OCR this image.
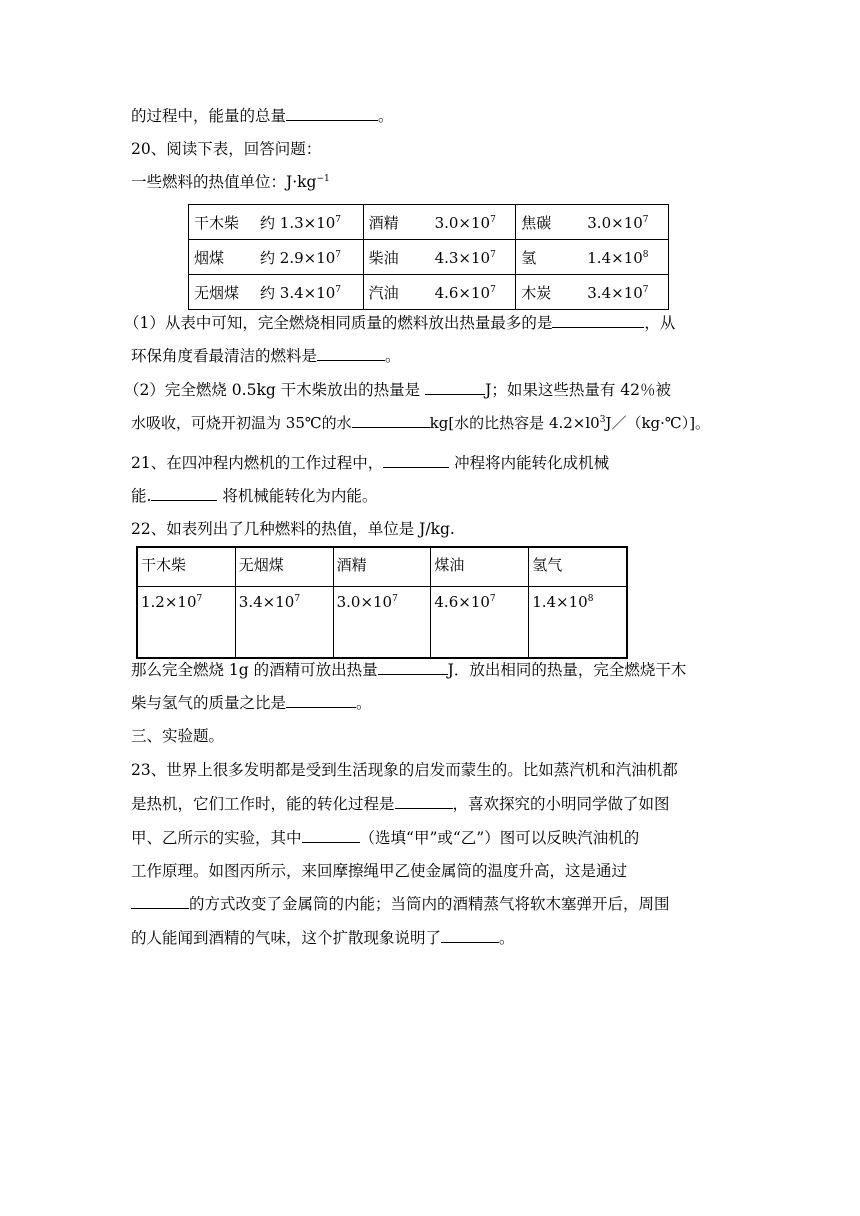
的过程中，能量的总量	。
20、阅读下表，回答问题：
一些燃料的热值单位：$J\cdot kg^{-1}$
干木柴 约 $1.3\times 10^7$	酒精 $3.0\times 10^7$	焦碳 $3.0\times 10^7$
烟煤 约 $2.9\times 10^7$	柴油 $4.3\times 10^7$	氢 $1.4\times 10^8$
无烟煤 约 $3.4\times 10^7$	汽油 $4.6\times 10^7$	木炭 $3.4\times 10^7$
（1）从表中可知，完全燃烧相同质量的燃料放出热量最多的是	，从
环保角度看最清洁的燃料是	。
（2）完全燃烧 0.5kg 干木柴放出的热量是	J；如果这些热量有 42％被
水吸收，可烧开初温为 35℃的水	kg[水的比热容是 $4.2\times l0^3J/(kg\cdot℃)$]。
21、在四冲程内燃机的工作过程中，	冲程将内能转化成机械
能.	将机械能转化为内能。
22、如表列出了几种燃料的热值，单位是 J/kg.
干木柴	无烟煤	酒精	煤油	氢气
$1.2\times 10^7$	$3.4\times 10^7$	$3.0\times 10^7$	$4.6\times 10^7$	$1.4\times 10^8$
那么完全燃烧 1g 的酒精可放出热量	J．放出相同的热量，完全燃烧干木
柴与氢气的质量之比是	。
三、实验题。
23、世界上很多发明都是受到生活现象的启发而蒙生的。比如蒸汽机和汽油机都
是热机，它们工作时，能的转化过程是	，喜欢探究的小明同学做了如图
甲、乙所示的实验，其中	（选填“甲”或“乙”）图可以反映汽油机的
工作原理。如图丙所示，来回摩擦绳甲乙使金属筒的温度升高，这是通过
的方式改变了金属筒的内能；当筒内的酒精蒸气将软木塞弹开后，周围
的人能闻到酒精的气味，这个扩散现象说明了	。
